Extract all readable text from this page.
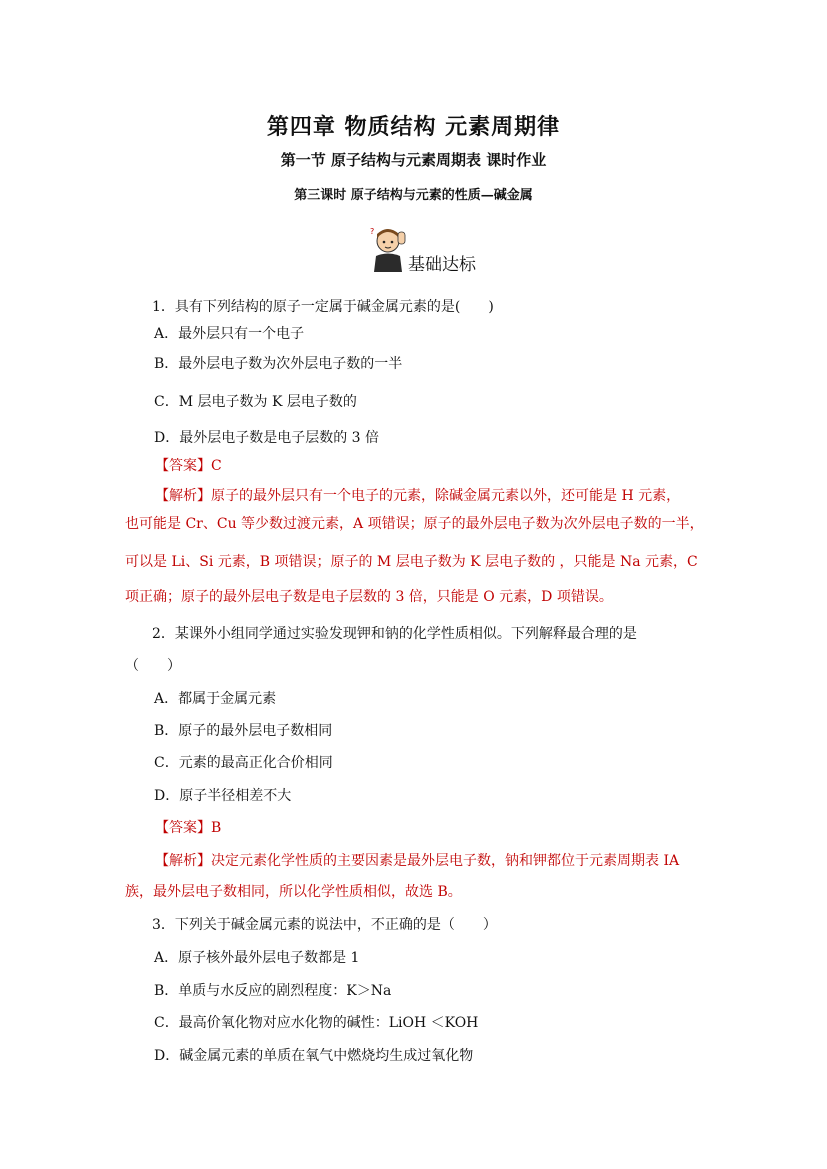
第四章 物质结构 元素周期律
第一节 原子结构与元素周期表 课时作业
第三课时 原子结构与元素的性质—碱金属
?
基础达标
1．具有下列结构的原子一定属于碱金属元素的是(　　)
A．最外层只有一个电子
B．最外层电子数为次外层电子数的一半
C．M 层电子数为 K 层电子数的
D．最外层电子数是电子层数的 3 倍
【答案】C
【解析】原子的最外层只有一个电子的元素，除碱金属元素以外，还可能是 H 元素，
也可能是 Cr、Cu 等少数过渡元素，A 项错误；原子的最外层电子数为次外层电子数的一半，
可以是 Li、Si 元素，B 项错误；原子的 M 层电子数为 K 层电子数的 ，只能是 Na 元素，C
项正确；原子的最外层电子数是电子层数的 3 倍，只能是 O 元素，D 项错误。
2．某课外小组同学通过实验发现钾和钠的化学性质相似。下列解释最合理的是
（　　）
A．都属于金属元素
B．原子的最外层电子数相同
C．元素的最高正化合价相同
D．原子半径相差不大
【答案】B
【解析】决定元素化学性质的主要因素是最外层电子数，钠和钾都位于元素周期表 IA
族，最外层电子数相同，所以化学性质相似，故选 B。
3．下列关于碱金属元素的说法中，不正确的是（　　）
A．原子核外最外层电子数都是 1
B．单质与水反应的剧烈程度：K＞Na
C．最高价氧化物对应水化物的碱性：LiOH ＜KOH
D．碱金属元素的单质在氧气中燃烧均生成过氧化物
